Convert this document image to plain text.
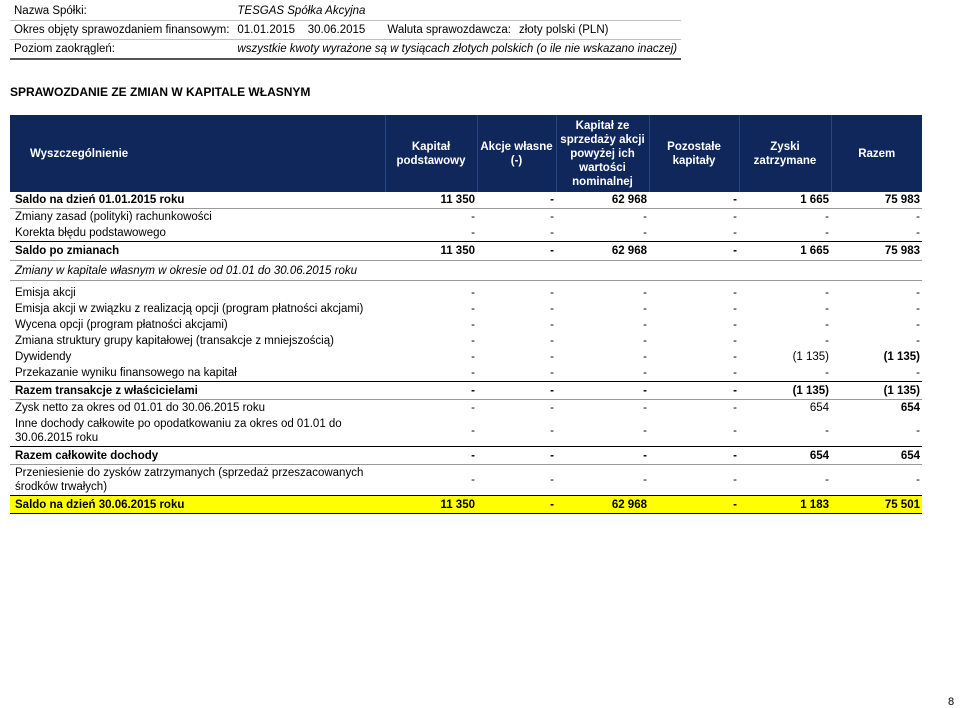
Nazwa Spółki:	TESGAS Spółka Akcyjna		
Okres objęty sprawozdaniem finansowym:	01.01.2015    30.06.2015	Waluta sprawozdawcza:	złoty polski (PLN)
Poziom zaokrągleń:	wszystkie kwoty wyrażone są w tysiącach złotych polskich (o ile nie wskazano inaczej)		
SPRAWOZDANIE ZE ZMIAN W KAPITALE WŁASNYM
Wyszczególnienie	Kapitał podstawowy	Akcje własne (-)	Kapitał ze sprzedaży akcji powyżej ich wartości nominalnej	Pozostałe kapitały	Zyski zatrzymane	Razem
Saldo na dzień 01.01.2015 roku	11 350	-	62 968	-	1 665	75 983
Zmiany zasad (polityki) rachunkowości	-	-	-	-	-	-
Korekta błędu podstawowego	-	-	-	-	-	-
Saldo po zmianach	11 350	-	62 968	-	1 665	75 983
Zmiany w kapitale własnym w okresie od 01.01 do 30.06.2015 roku						

Emisja akcji	-	-	-	-	-	-
Emisja akcji w związku z realizacją opcji (program płatności akcjami)	-	-	-	-	-	-
Wycena opcji (program płatności akcjami)	-	-	-	-	-	-
Zmiana struktury grupy kapitałowej (transakcje z mniejszością)	-	-	-	-	-	-
Dywidendy	-	-	-	-	(1 135)	(1 135)
Przekazanie wyniku finansowego na kapitał	-	-	-	-	-	-
Razem transakcje z właścicielami	-	-	-	-	(1 135)	(1 135)
Zysk netto za okres od 01.01 do 30.06.2015 roku	-	-	-	-	654	654
Inne dochody całkowite po opodatkowaniu za okres od 01.01 do 30.06.2015 roku	-	-	-	-	-	-
Razem całkowite dochody	-	-	-	-	654	654
Przeniesienie do zysków zatrzymanych (sprzedaż przeszacowanych środków trwałych)	-	-	-	-	-	-
Saldo na dzień 30.06.2015 roku	11 350	-	62 968	-	1 183	75 501
8
